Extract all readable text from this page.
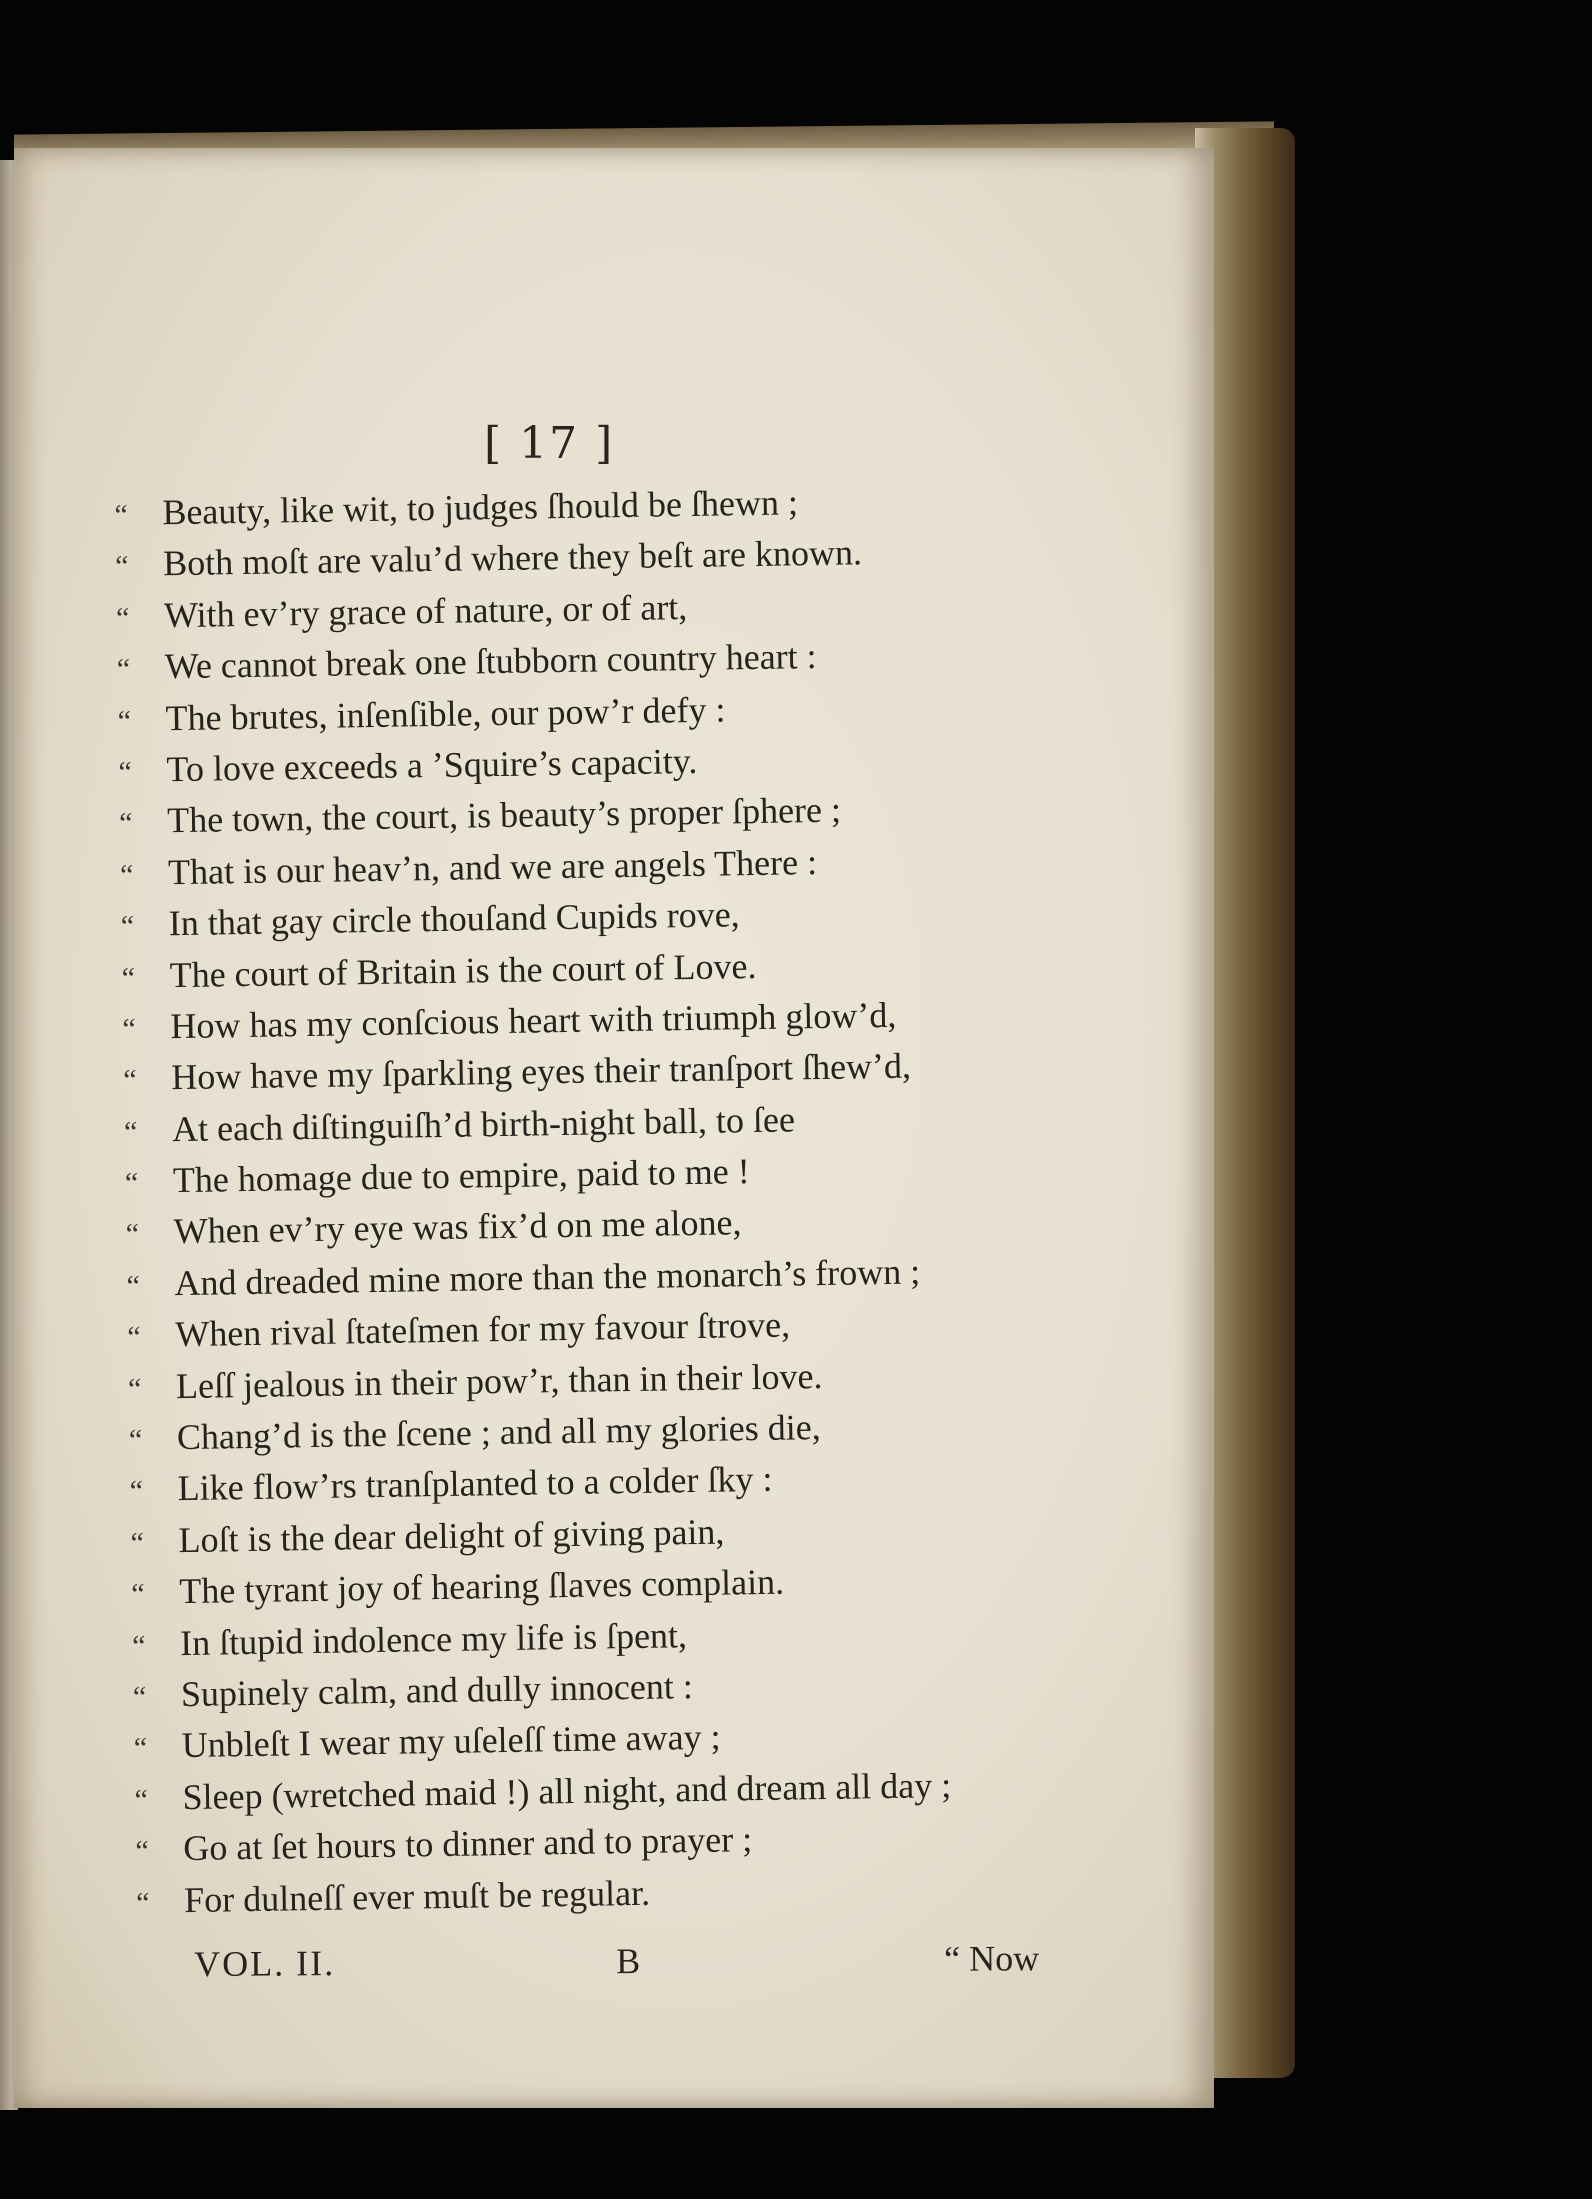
[ 17 ]
“ Beauty, like wit, to judges ſhould be ſhewn ;
“ Both moſt are valu’d where they beſt are known.
“ With ev’ry grace of nature, or of art,
“ We cannot break one ſtubborn country heart :
“ The brutes, inſenſible, our pow’r defy :
“ To love exceeds a ’Squire’s capacity.
“ The town, the court, is beauty’s proper ſphere ;
“ That is our heav’n, and we are angels There :
“ In that gay circle thouſand Cupids rove,
“ The court of Britain is the court of Love.
“ How has my conſcious heart with triumph glow’d,
“ How have my ſparkling eyes their tranſport ſhew’d,
“ At each diſtinguiſh’d birth-night ball, to ſee
“ The homage due to empire, paid to me !
“ When ev’ry eye was fix’d on me alone,
“ And dreaded mine more than the monarch’s frown ;
“ When rival ſtateſmen for my favour ſtrove,
“ Leſſ jealous in their pow’r, than in their love.
“ Chang’d is the ſcene ; and all my glories die,
“ Like flow’rs tranſplanted to a colder ſky :
“ Loſt is the dear delight of giving pain,
“ The tyrant joy of hearing ſlaves complain.
“ In ſtupid indolence my life is ſpent,
“ Supinely calm, and dully innocent :
“ Unbleſt I wear my uſeleſſ time away ;
“ Sleep (wretched maid !) all night, and dream all day ;
“ Go at ſet hours to dinner and to prayer ;
“ For dulneſſ ever muſt be regular.
VOL. II.	B	“ Now
